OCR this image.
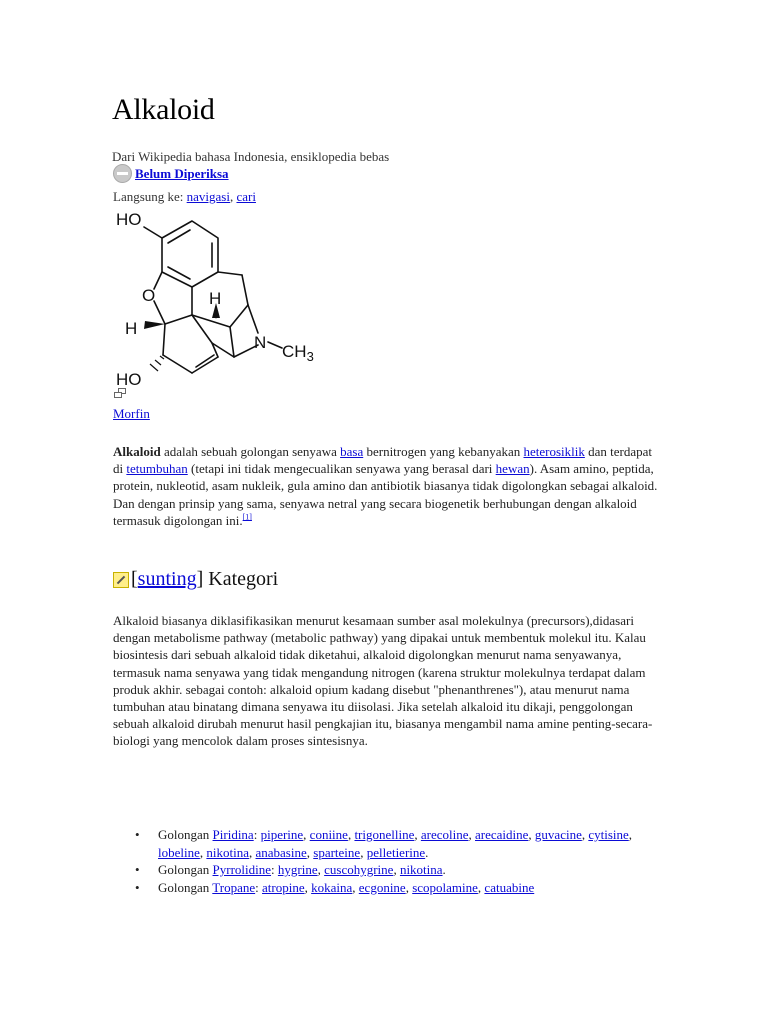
Alkaloid
Dari Wikipedia bahasa Indonesia, ensiklopedia bebas
Belum Diperiksa
Langsung ke: navigasi, cari
HO
O
H
H
N $CH_3$
HO
Morfin
Alkaloid adalah sebuah golongan senyawa basa bernitrogen yang kebanyakan heterosiklik dan terdapat di tetumbuhan (tetapi ini tidak mengecualikan senyawa yang berasal dari hewan). Asam amino, peptida, protein, nukleotid, asam nukleik, gula amino dan antibiotik biasanya tidak digolongkan sebagai alkaloid. Dan dengan prinsip yang sama, senyawa netral yang secara biogenetik berhubungan dengan alkaloid termasuk digolongan ini.[1]
[ sunting ] Kategori
Alkaloid biasanya diklasifikasikan menurut kesamaan sumber asal molekulnya (precursors),didasari dengan metabolisme pathway (metabolic pathway) yang dipakai untuk membentuk molekul itu. Kalau biosintesis dari sebuah alkaloid tidak diketahui, alkaloid digolongkan menurut nama senyawanya, termasuk nama senyawa yang tidak mengandung nitrogen (karena struktur molekulnya terdapat dalam produk akhir. sebagai contoh: alkaloid opium kadang disebut "phenanthrenes"), atau menurut nama tumbuhan atau binatang dimana senyawa itu diisolasi. Jika setelah alkaloid itu dikaji, penggolongan sebuah alkaloid dirubah menurut hasil pengkajian itu, biasanya mengambil nama amine penting-secara-biologi yang mencolok dalam proses sintesisnya.
• Golongan Piridina: piperine, coniine, trigonelline, arecoline, arecaidine, guvacine, cytisine, lobeline, nikotina, anabasine, sparteine, pelletierine.
• Golongan Pyrrolidine: hygrine, cuscohygrine, nikotina.
• Golongan Tropane: atropine, kokaina, ecgonine, scopolamine, catuabine
